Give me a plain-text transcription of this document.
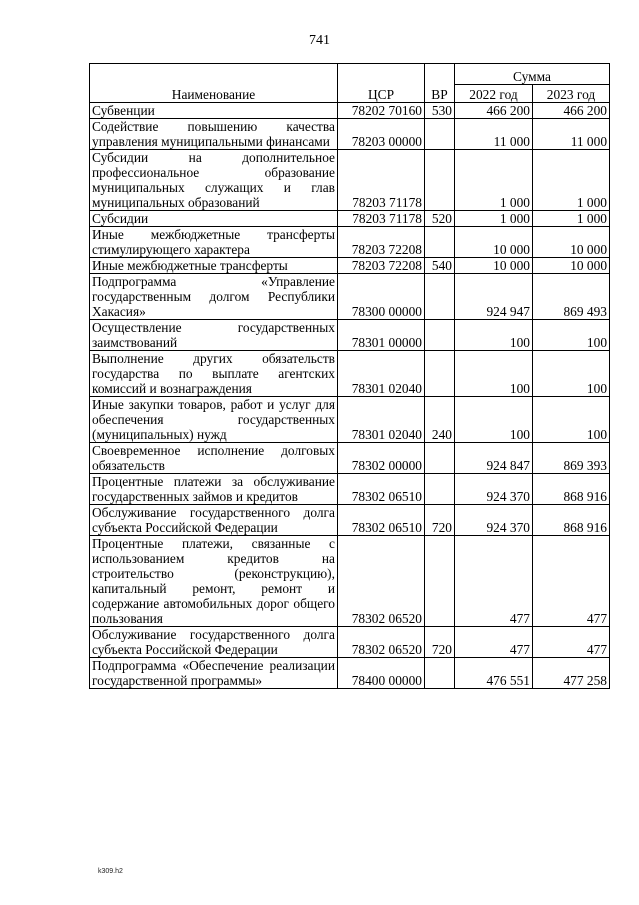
741
Наименование	ЦСР	ВР	Сумма	
			2022 год	2023 год
Субвенции	78202 70160	530	466 200	466 200
Содействие повышению качества управления муниципальными финансами	78203 00000		11 000	11 000
Субсидии на дополнительное профессиональное образование муниципальных служащих и глав муниципальных образований	78203 71178		1 000	1 000
Субсидии	78203 71178	520	1 000	1 000
Иные межбюджетные трансферты стимулирующего характера	78203 72208		10 000	10 000
Иные межбюджетные трансферты	78203 72208	540	10 000	10 000
Подпрограмма «Управление государственным долгом Республики Хакасия»	78300 00000		924 947	869 493
Осуществление государственных заимствований	78301 00000		100	100
Выполнение других обязательств государства по выплате агентских комиссий и вознаграждения	78301 02040		100	100
Иные закупки товаров, работ и услуг для обеспечения государственных (муниципальных) нужд	78301 02040	240	100	100
Своевременное исполнение долговых обязательств	78302 00000		924 847	869 393
Процентные платежи за обслуживание государственных займов и кредитов	78302 06510		924 370	868 916
Обслуживание государственного долга субъекта Российской Федерации	78302 06510	720	924 370	868 916
Процентные платежи, связанные с использованием кредитов на строительство (реконструкцию), капитальный ремонт, ремонт и содержание автомобильных дорог общего пользования	78302 06520		477	477
Обслуживание государственного долга субъекта Российской Федерации	78302 06520	720	477	477
Подпрограмма «Обеспечение реализации государственной программы»	78400 00000		476 551	477 258
k309.h2
